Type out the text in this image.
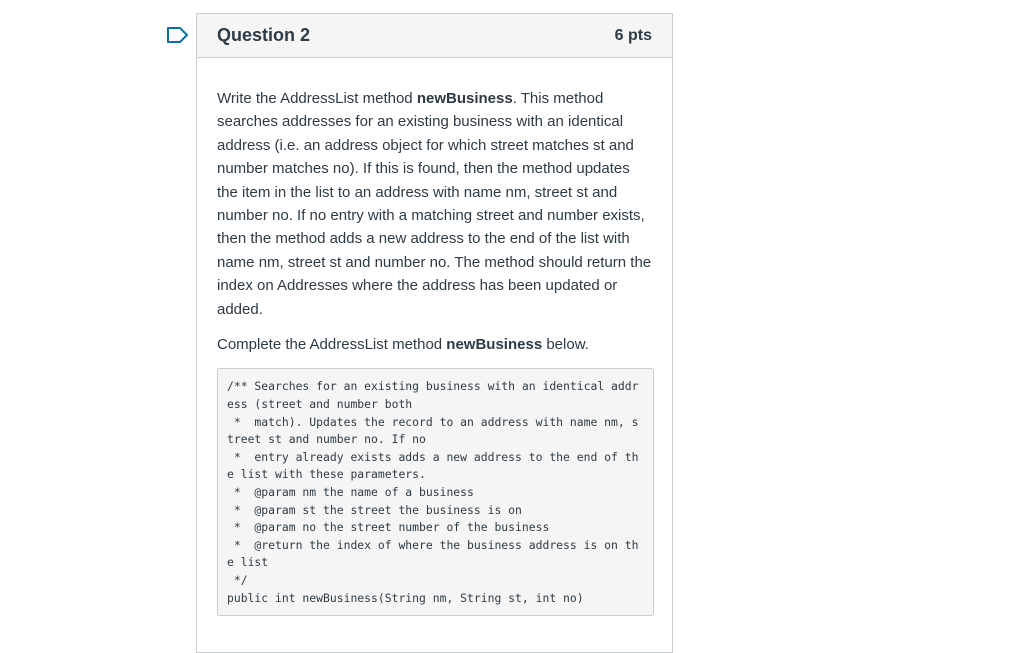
Question 2	6 pts

Write the AddressList method newBusiness. This method searches addresses for an existing business with an identical address (i.e. an address object for which street matches st and number matches no). If this is found, then the method updates the item in the list to an address with name nm, street st and number no. If no entry with a matching street and number exists, then the method adds a new address to the end of the list with name nm, street st and number no. The method should return the index on Addresses where the address has been updated or added.

Complete the AddressList method newBusiness below.

/** Searches for an existing business with an identical address (street and number both
*  match). Updates the record to an address with name nm, street st and number no. If no
*  entry already exists adds a new address to the end of the list with these parameters.
*  @param nm the name of a business
*  @param st the street the business is on
*  @param no the street number of the business
*  @return the index of where the business address is on the list
*/
public int newBusiness(String nm, String st, int no)
